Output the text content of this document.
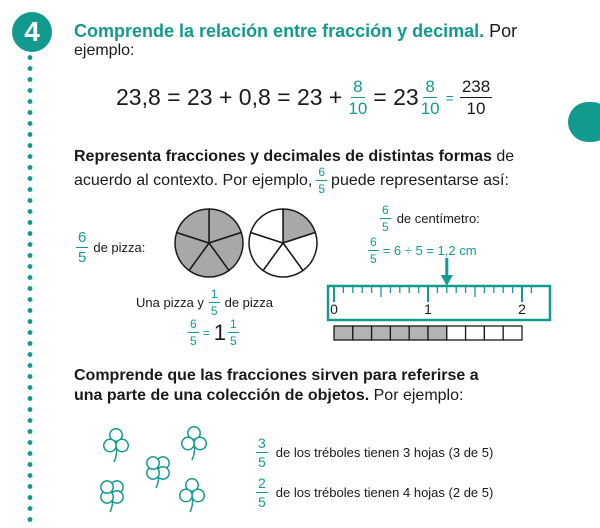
4	Comprende la relación entre fracción y decimal. Por
ejemplo:
$23,8 = 23 + 0,8 = 23 + \frac{8}{10} = 23 \frac{8}{10} = \frac{238}{10}$
Representa fracciones y decimales de distintas formas de
acuerdo al contexto. Por ejemplo, $\frac{6}{5}$ puede representarse así:
$\frac{6}{5}$ de pizza:
Una pizza y $\frac{1}{5}$ de pizza
$\frac{6}{5} = 1 \frac{1}{5}$
$\frac{6}{5}$ de centímetro:
$\frac{6}{5} = 6 \div 5 = 1,2$ cm
0	1	2
Comprende que las fracciones sirven para referirse a
una parte de una colección de objetos. Por ejemplo:
$\frac{3}{5}$ de los tréboles tienen 3 hojas (3 de 5)
$\frac{2}{5}$ de los tréboles tienen 4 hojas (2 de 5)
